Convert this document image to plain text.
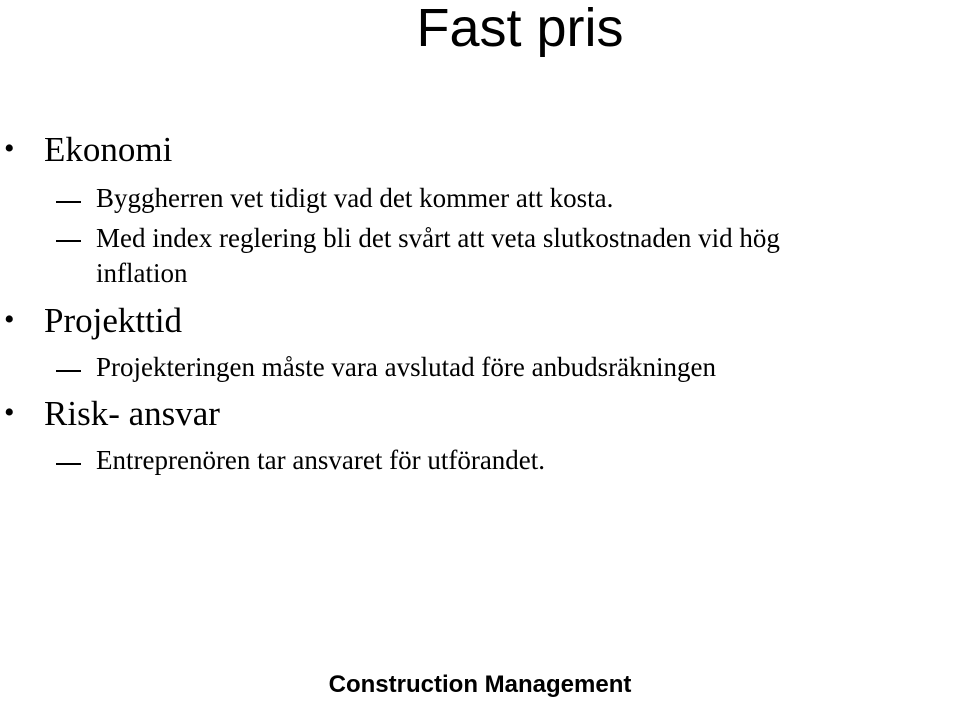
Fast pris
• Ekonomi
Byggherren vet tidigt vad det kommer att kosta.
Med index reglering bli det svårt att veta slutkostnaden vid hög
inflation
• Projekttid
Projekteringen måste vara avslutad före anbudsräkningen
• Risk- ansvar
Entreprenören tar ansvaret för utförandet.
Construction Management
